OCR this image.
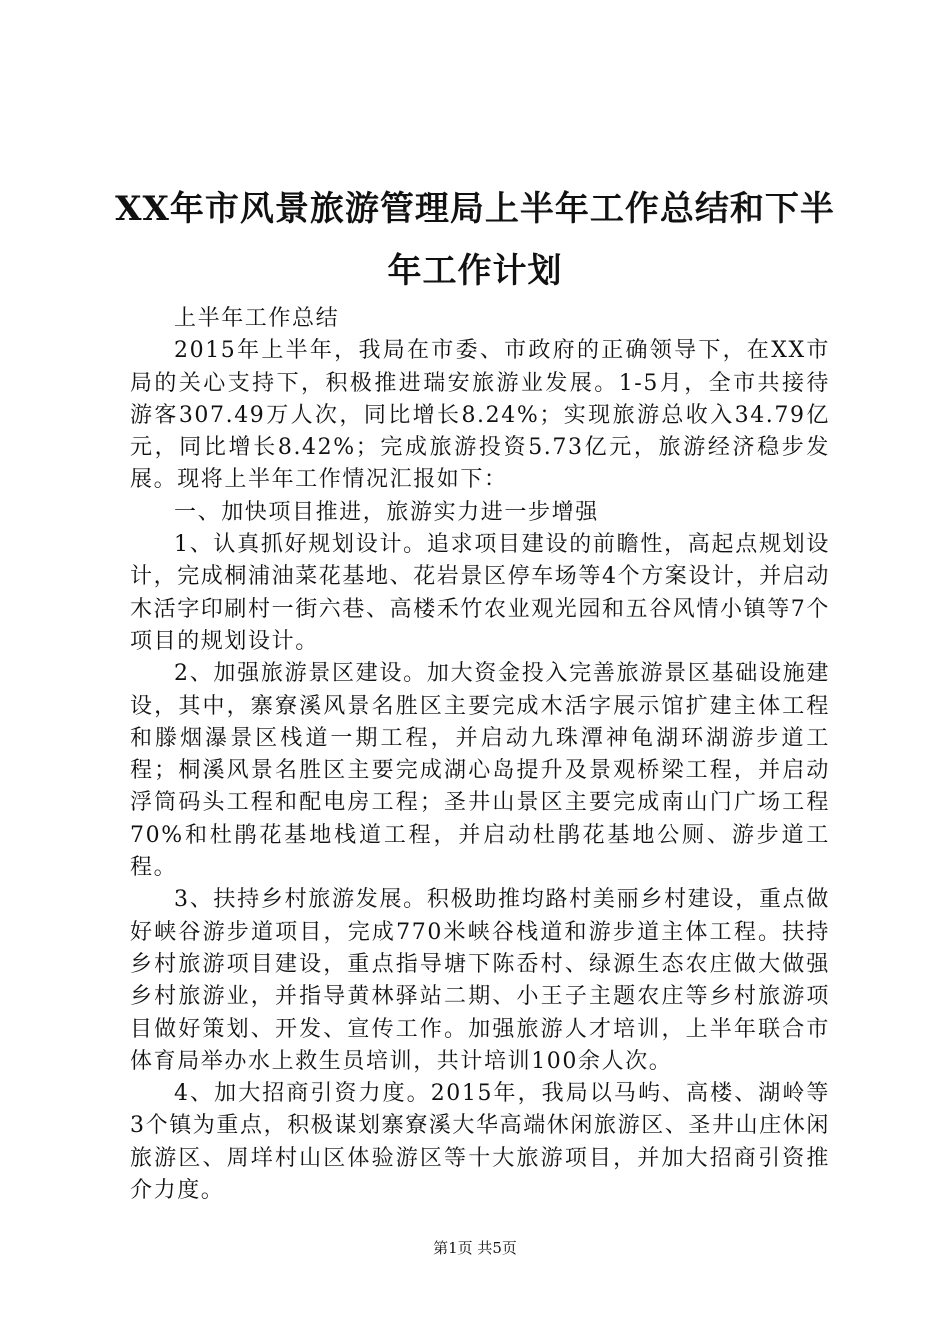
XX年市风景旅游管理局上半年工作总结和下半年工作计划

上半年工作总结

2015年上半年，我局在市委、市政府的正确领导下，在XX市局的关心支持下，积极推进瑞安旅游业发展。1-5月，全市共接待游客307.49万人次，同比增长8.24%；实现旅游总收入34.79亿元，同比增长8.42%；完成旅游投资5.73亿元，旅游经济稳步发展。现将上半年工作情况汇报如下：

一、加快项目推进，旅游实力进一步增强

1、认真抓好规划设计。追求项目建设的前瞻性，高起点规划设计，完成桐浦油菜花基地、花岩景区停车场等4个方案设计，并启动木活字印刷村一街六巷、高楼禾竹农业观光园和五谷风情小镇等7个项目的规划设计。

2、加强旅游景区建设。加大资金投入完善旅游景区基础设施建设，其中，寨寮溪风景名胜区主要完成木活字展示馆扩建主体工程和滕烟瀑景区栈道一期工程，并启动九珠潭神龟湖环湖游步道工程；桐溪风景名胜区主要完成湖心岛提升及景观桥梁工程，并启动浮筒码头工程和配电房工程；圣井山景区主要完成南山门广场工程70%和杜鹃花基地栈道工程，并启动杜鹃花基地公厕、游步道工程。

3、扶持乡村旅游发展。积极助推均路村美丽乡村建设，重点做好峡谷游步道项目，完成770米峡谷栈道和游步道主体工程。扶持乡村旅游项目建设，重点指导塘下陈岙村、绿源生态农庄做大做强乡村旅游业，并指导黄林驿站二期、小王子主题农庄等乡村旅游项目做好策划、开发、宣传工作。加强旅游人才培训，上半年联合市体育局举办水上救生员培训，共计培训100余人次。

4、加大招商引资力度。2015年，我局以马屿、高楼、湖岭等3个镇为重点，积极谋划寨寮溪大华高端休闲旅游区、圣井山庄休闲旅游区、周垟村山区体验游区等十大旅游项目，并加大招商引资推介力度。

第1页 共5页
